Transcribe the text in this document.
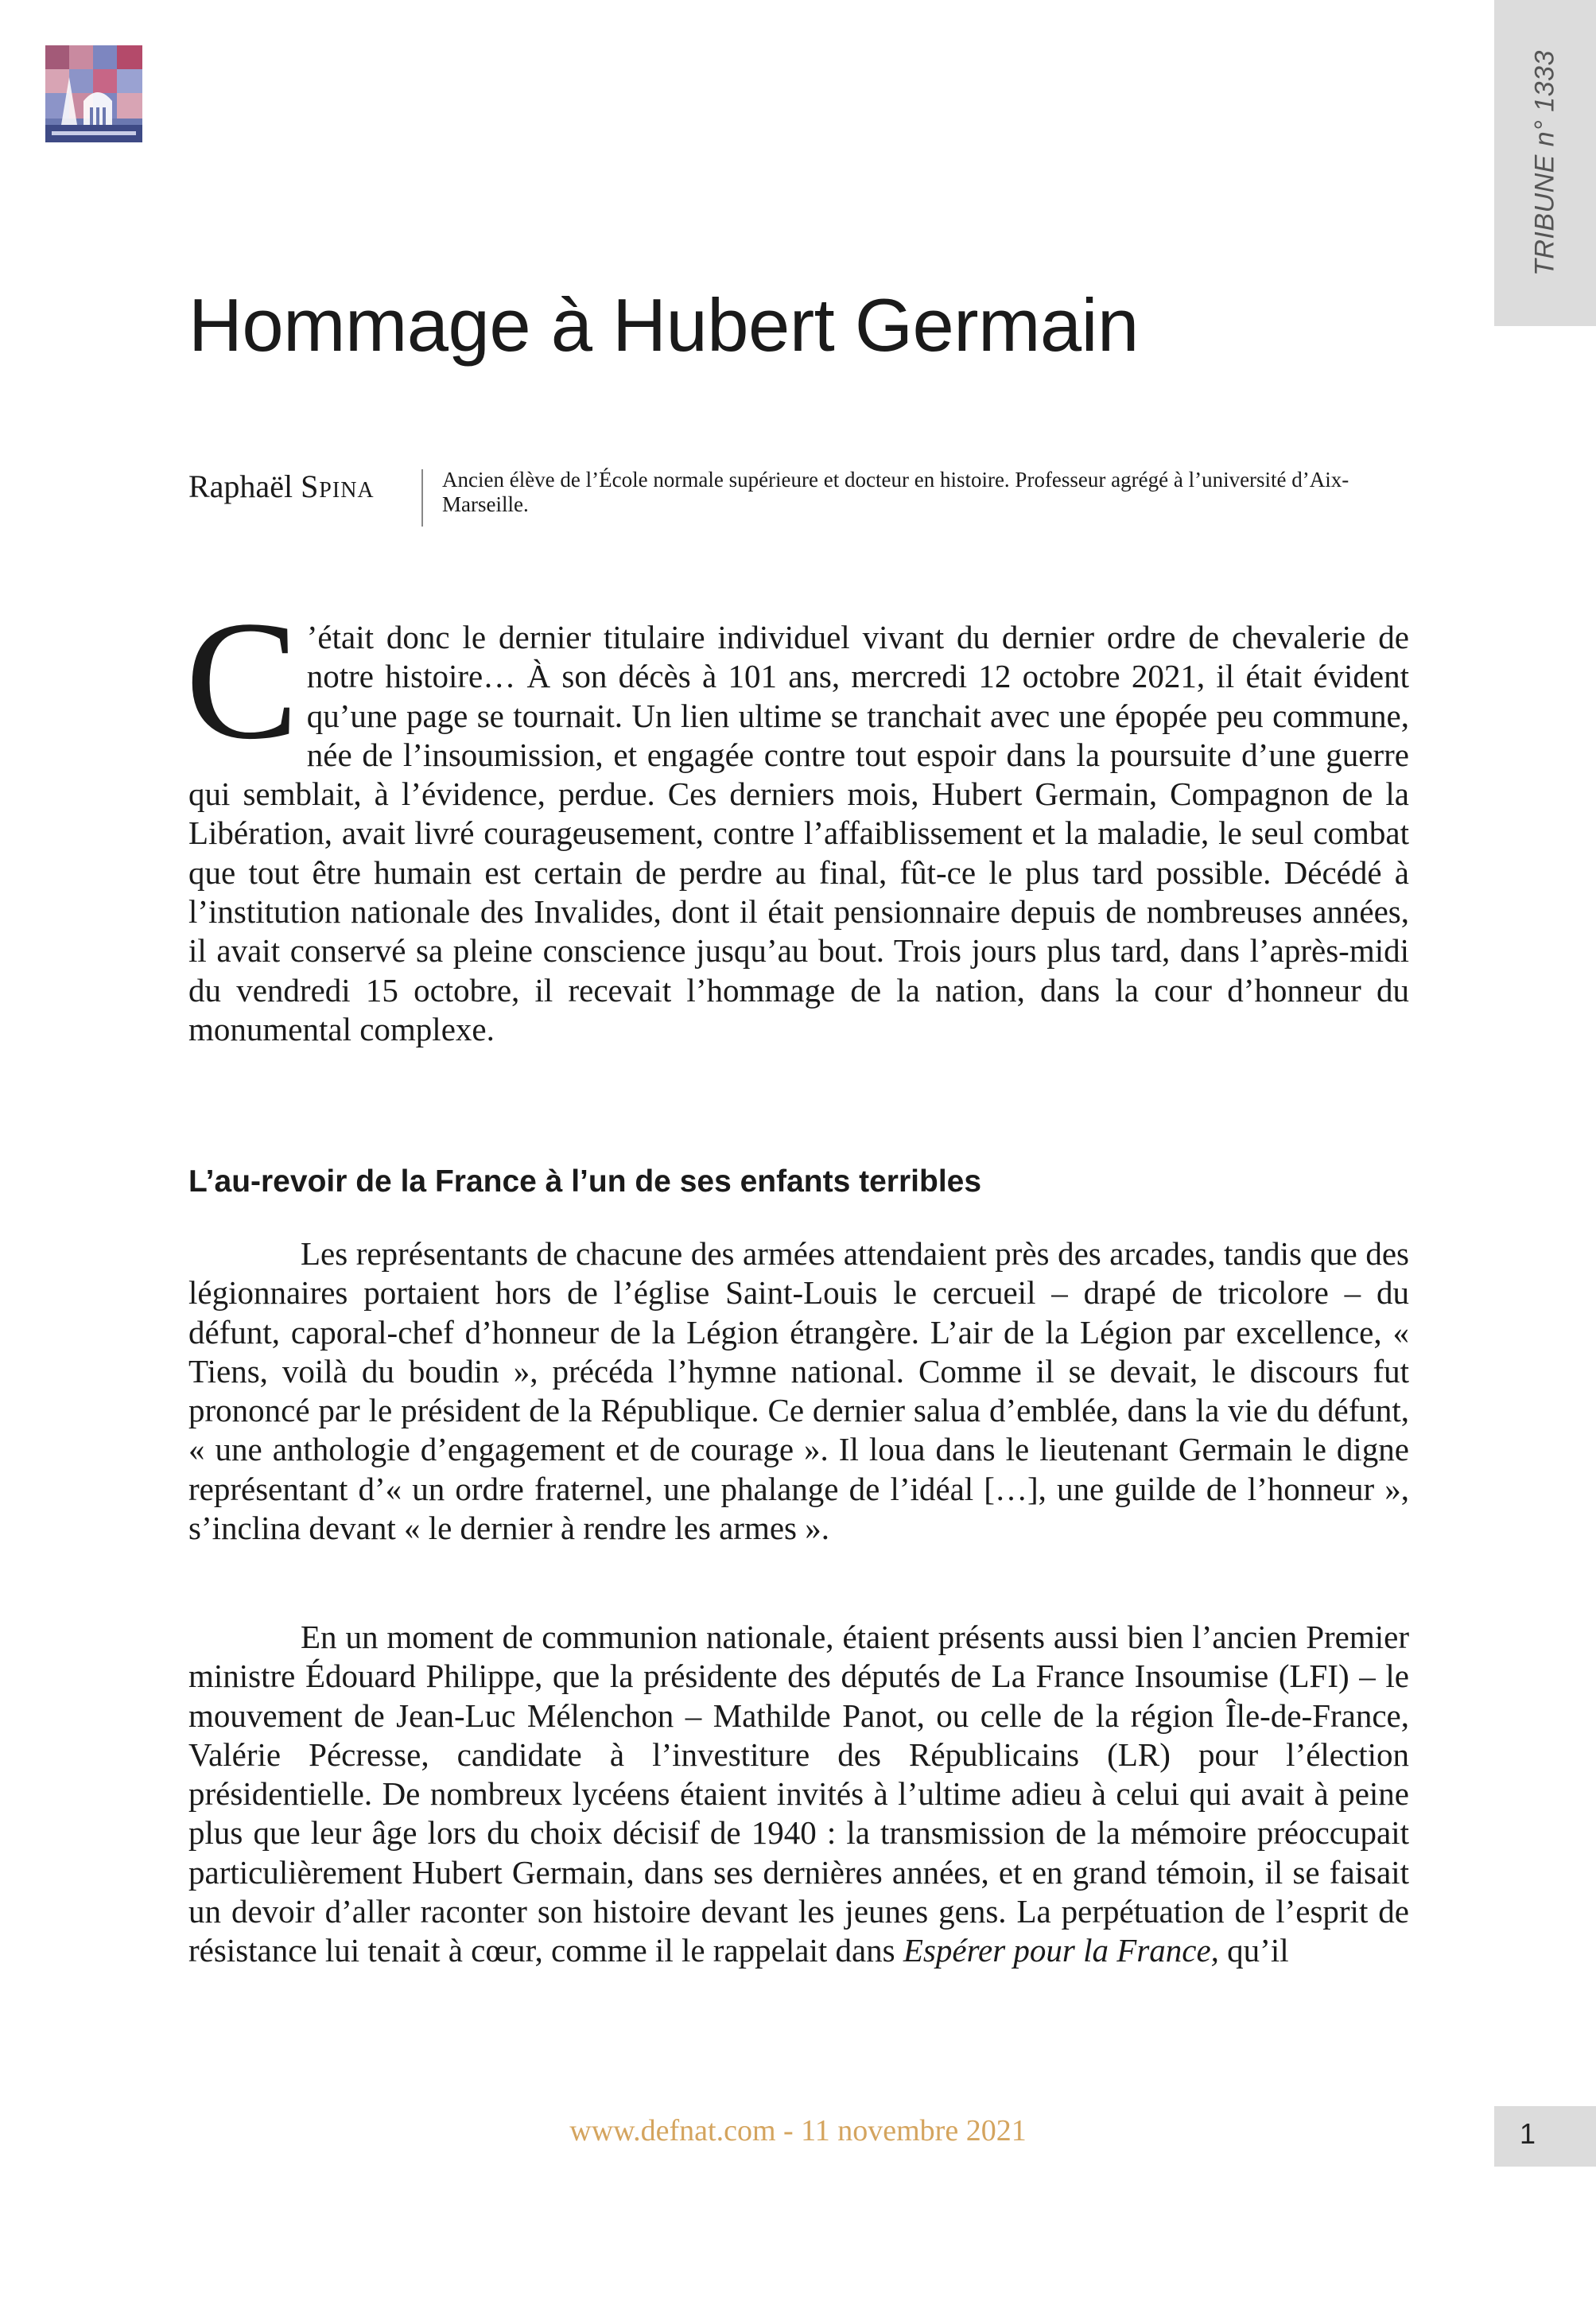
TRIBUNE n° 1333
Hommage à Hubert Germain
Raphaël Spina	Ancien élève de l’École normale supérieure et docteur en histoire. Professeur agrégé à l’université d’Aix-Marseille.

C ’était donc le dernier titulaire individuel vivant du dernier ordre de chevalerie de notre histoire… À son décès à 101 ans, mercredi 12 octobre 2021, il était évident qu’une page se tournait. Un lien ultime se tranchait avec une épopée peu commune, née de l’insoumission, et engagée contre tout espoir dans la poursuite d’une guerre qui semblait, à l’évidence, perdue. Ces derniers mois, Hubert Germain, Compagnon de la Libération, avait livré courageusement, contre l’affaiblissement et la maladie, le seul combat que tout être humain est certain de perdre au final, fût-ce le plus tard possible. Décédé à l’institution nationale des Invalides, dont il était pensionnaire depuis de nombreuses années, il avait conservé sa pleine conscience jusqu’au bout. Trois jours plus tard, dans l’après-midi du vendredi 15 octobre, il recevait l’hommage de la nation, dans la cour d’honneur du monumental complexe.

L’au-revoir de la France à l’un de ses enfants terribles

Les représentants de chacune des armées attendaient près des arcades, tandis que des légionnaires portaient hors de l’église Saint-Louis le cercueil – drapé de tricolore – du défunt, caporal-chef d’honneur de la Légion étrangère. L’air de la Légion par excellence, « Tiens, voilà du boudin », précéda l’hymne national. Comme il se devait, le discours fut prononcé par le président de la République. Ce dernier salua d’emblée, dans la vie du défunt, « une anthologie d’engagement et de courage ». Il loua dans le lieutenant Germain le digne représentant d’« un ordre fraternel, une phalange de l’idéal […], une guilde de l’honneur », s’inclina devant « le dernier à rendre les armes ».

En un moment de communion nationale, étaient présents aussi bien l’ancien Premier ministre Édouard Philippe, que la présidente des députés de La France Insoumise (LFI) – le mouvement de Jean-Luc Mélenchon – Mathilde Panot, ou celle de la région Île-de-France, Valérie Pécresse, candidate à l’investiture des Républicains (LR) pour l’élection présidentielle. De nombreux lycéens étaient invités à l’ultime adieu à celui qui avait à peine plus que leur âge lors du choix décisif de 1940 : la transmission de la mémoire préoccupait particulièrement Hubert Germain, dans ses dernières années, et en grand témoin, il se faisait un devoir d’aller raconter son histoire devant les jeunes gens. La perpétuation de l’esprit de résistance lui tenait à cœur, comme il le rappelait dans Espérer pour la France, qu’il

www.defnat.com - 11 novembre 2021	1
